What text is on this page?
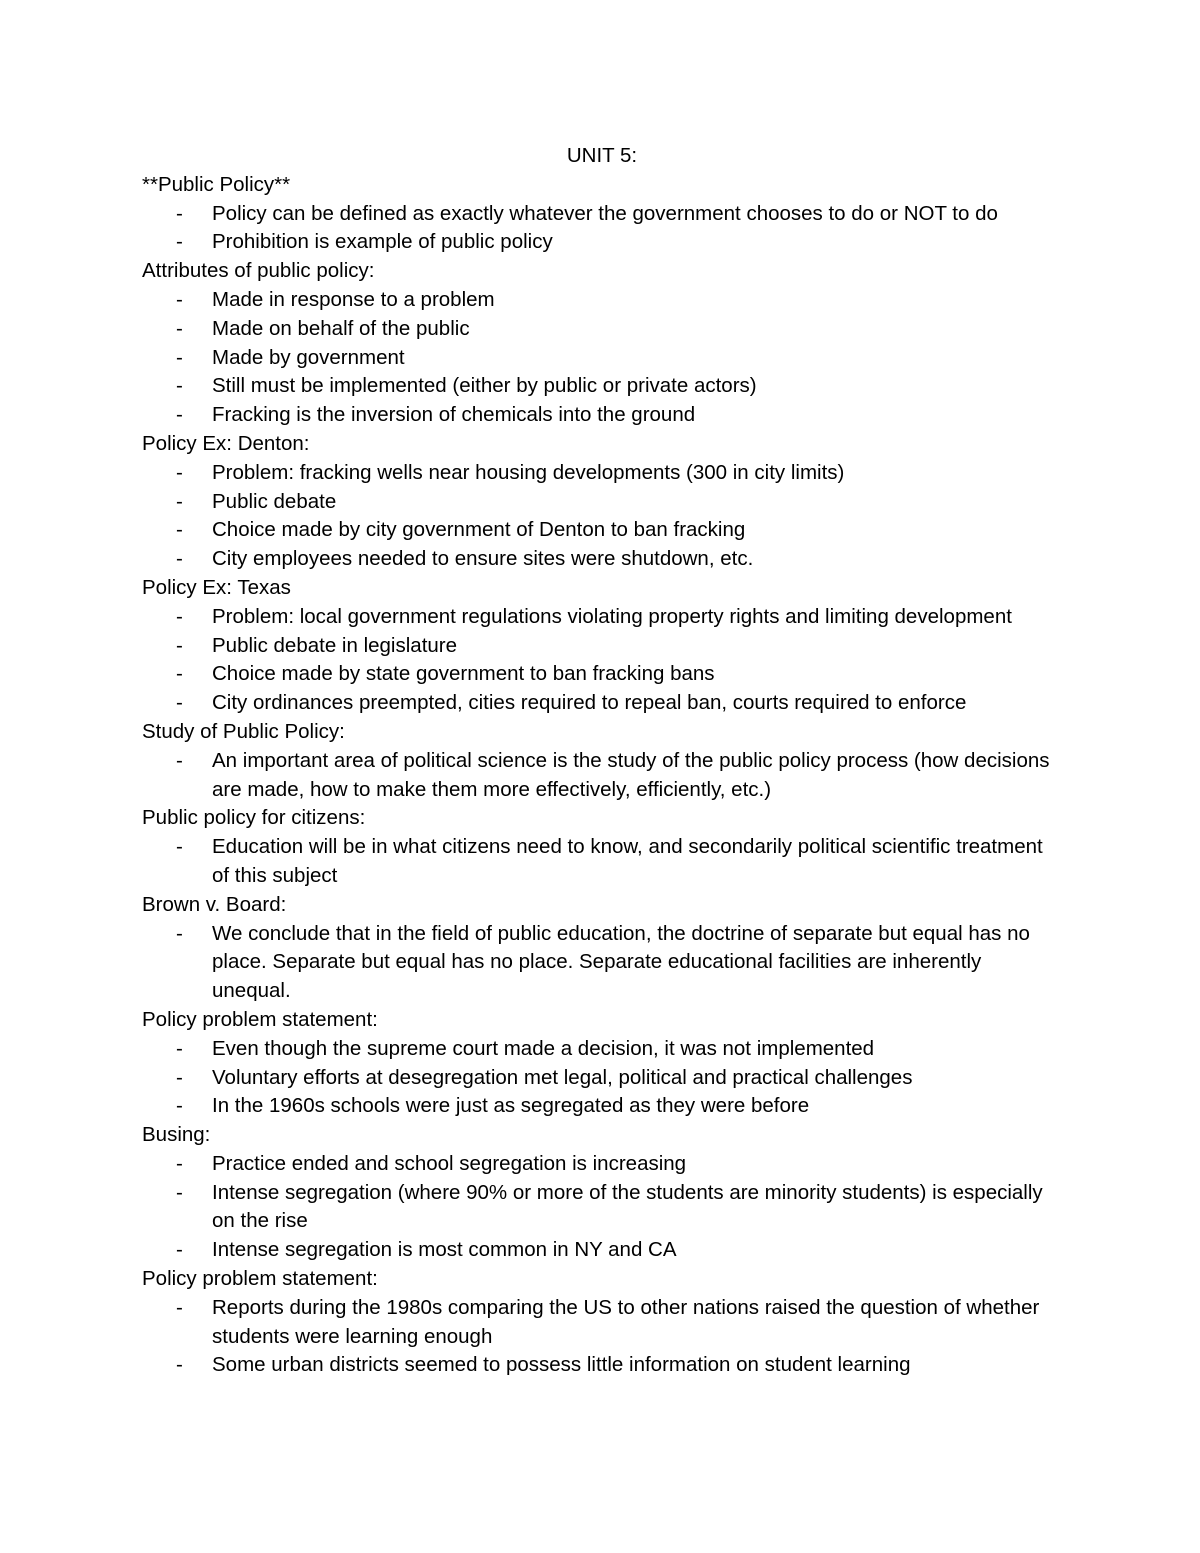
UNIT 5:
**Public Policy**
- Policy can be defined as exactly whatever the government chooses to do or NOT to do
- Prohibition is example of public policy
Attributes of public policy:
- Made in response to a problem
- Made on behalf of the public
- Made by government
- Still must be implemented (either by public or private actors)
- Fracking is the inversion of chemicals into the ground
Policy Ex: Denton:
- Problem: fracking wells near housing developments (300 in city limits)
- Public debate
- Choice made by city government of Denton to ban fracking
- City employees needed to ensure sites were shutdown, etc.
Policy Ex: Texas
- Problem: local government regulations violating property rights and limiting development
- Public debate in legislature
- Choice made by state government to ban fracking bans
- City ordinances preempted, cities required to repeal ban, courts required to enforce
Study of Public Policy:
- An important area of political science is the study of the public policy process (how decisions are made, how to make them more effectively, efficiently, etc.)
Public policy for citizens:
- Education will be in what citizens need to know, and secondarily political scientific treatment of this subject
Brown v. Board:
- We conclude that in the field of public education, the doctrine of separate but equal has no place. Separate but equal has no place. Separate educational facilities are inherently unequal.
Policy problem statement:
- Even though the supreme court made a decision, it was not implemented
- Voluntary efforts at desegregation met legal, political and practical challenges
- In the 1960s schools were just as segregated as they were before
Busing:
- Practice ended and school segregation is increasing
- Intense segregation (where 90% or more of the students are minority students) is especially on the rise
- Intense segregation is most common in NY and CA
Policy problem statement:
- Reports during the 1980s comparing the US to other nations raised the question of whether students were learning enough
- Some urban districts seemed to possess little information on student learning
